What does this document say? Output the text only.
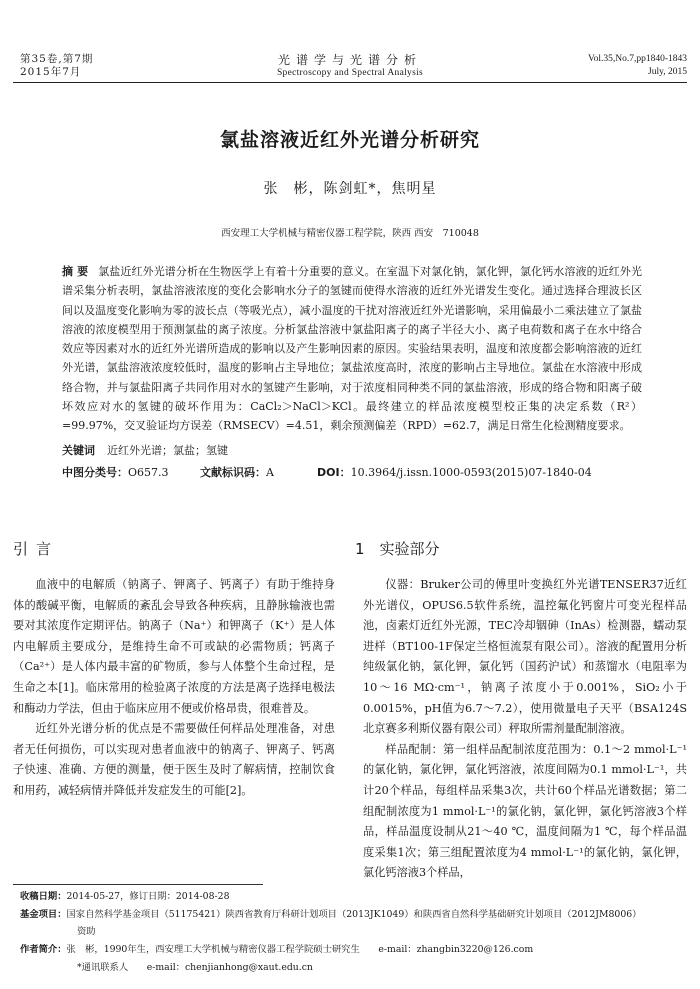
第35卷,第7期
2015年7月
光谱学与光谱分析
Spectroscopy and Spectral Analysis
Vol.35,No.7,pp1840-1843
July, 2015
氯盐溶液近红外光谱分析研究
张　彬，陈剑虹*，焦明星
西安理工大学机械与精密仪器工程学院，陕西 西安　710048
摘要 氯盐近红外光谱分析在生物医学上有着十分重要的意义。在室温下对氯化钠，氯化钾，氯化钙水溶液的近红外光谱采集分析表明，氯盐溶液浓度的变化会影响水分子的氢键而使得水溶液的近红外光谱发生变化。通过选择合理波长区间以及温度变化影响为零的波长点（等吸光点），减小温度的干扰对溶液近红外光谱影响，采用偏最小二乘法建立了氯盐溶液的浓度模型用于预测氯盐的离子浓度。分析氯盐溶液中氯盐阳离子的离子半径大小、离子电荷数和离子在水中络合效应等因素对水的近红外光谱所造成的影响以及产生影响因素的原因。实验结果表明，温度和浓度都会影响溶液的近红外光谱，氯盐溶液浓度较低时，温度的影响占主导地位；氯盐浓度高时，浓度的影响占主导地位。氯盐在水溶液中形成络合物，并与氯盐阳离子共同作用对水的氢键产生影响，对于浓度相同种类不同的氯盐溶液，形成的络合物和阳离子破坏效应对水的氢键的破坏作用为：CaCl₂＞NaCl＞KCl。最终建立的样品浓度模型校正集的决定系数（R²）=99.97%，交叉验证均方误差（RMSECV）=4.51，剩余预测偏差（RPD）=62.7，满足日常生化检测精度要求。
关键词 近红外光谱；氯盐；氢键
中图分类号：O657.3	文献标识码：A	DOI：10.3964/j.issn.1000-0593(2015)07-1840-04
引言	1　实验部分

血液中的电解质（钠离子、钾离子、钙离子）有助于维持身体的酸碱平衡，电解质的紊乱会导致各种疾病，且静脉输液也需要对其浓度作定期评估。钠离子（Na⁺）和钾离子（K⁺）是人体内电解质主要成分，是维持生命不可或缺的必需物质；钙离子（Ca²⁺）是人体内最丰富的矿物质，参与人体整个生命过程，是生命之本[1]。临床常用的检验离子浓度的方法是离子选择电极法和酶动力学法，但由于临床应用不便或价格昂贵，很难普及。

近红外光谱分析的优点是不需要做任何样品处理准备，对患者无任何损伤，可以实现对患者血液中的钠离子、钾离子、钙离子快速、准确、方便的测量，便于医生及时了解病情，控制饮食和用药，减轻病情并降低并发症发生的可能[2]。

仪器：Bruker公司的傅里叶变换红外光谱TENSER37近红外光谱仪，OPUS6.5软件系统，温控氟化钙窗片可变光程样品池，卤素灯近红外光源，TEC冷却铟砷（InAs）检测器，蠕动泵进样（BT100-1F保定兰格恒流泵有限公司）。溶液的配置用分析纯级氯化钠，氯化钾，氯化钙（国药沪试）和蒸馏水（电阻率为10～16 MΩ·cm⁻¹，钠离子浓度小于0.001%，SiO₂小于0.0015%，pH值为6.7～7.2），使用微量电子天平（BSA124S北京赛多利斯仪器有限公司）秤取所需剂量配制溶液。

样品配制：第一组样品配制浓度范围为：0.1～2 mmol·L⁻¹的氯化钠，氯化钾，氯化钙溶液，浓度间隔为0.1 mmol·L⁻¹，共计20个样品，每组样品采集3次，共计60个样品光谱数据；第二组配制浓度为1 mmol·L⁻¹的氯化钠，氯化钾，氯化钙溶液3个样品，样品温度设制从21～40 ℃，温度间隔为1 ℃，每个样品温度采集1次；第三组配置浓度为4 mmol·L⁻¹的氯化钠，氯化钾，氯化钙溶液3个样品，

收稿日期：2014-05-27，修订日期：2014-08-28
基金项目：国家自然科学基金项目（51175421）陕西省教育厅科研计划项目（2013JK1049）和陕西省自然科学基础研究计划项目（2012JM8006）
资助
作者简介：张　彬，1990年生，西安理工大学机械与精密仪器工程学院硕士研究生　　e-mail：zhangbin3220@126.com
*通讯联系人　　e-mail：chenjianhong@xaut.edu.cn
